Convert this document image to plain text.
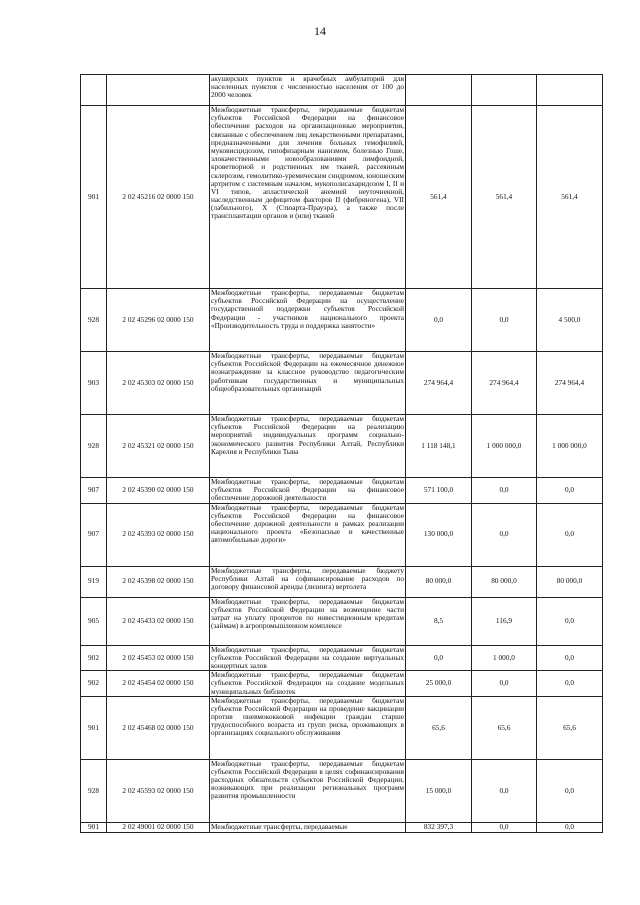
14
		акушерских пунктов и врачебных амбулаторий для населенных пунктов с численностью населения от 100 до 2000 человек			
901	2 02 45216 02 0000 150	Межбюджетные трансферты, передаваемые бюджетам субъектов Российской Федерации на финансовое обеспечение расходов на организационные мероприятия, связанные с обеспечением лиц лекарственными препаратами, предназначенными для лечения больных гемофилией, муковисцидозом, гипофизарным нанизмом, болезнью Гоше, злокачественными новообразованиями лимфоидной, кроветворной и родственных им тканей, рассеянным склерозом, гемолитико-уремическим синдромом, юношеским артритом с системным началом, мукополисахаридозом I, II и VI типов, апластической анемией неуточненной, наследственным дефицитом факторов II (фибриногена), VII (лабильного), X (Стюарта-Прауэра), а также после трансплантации органов и (или) тканей	561,4	561,4	561,4
928	2 02 45296 02 0000 150	Межбюджетные трансферты, передаваемые бюджетам субъектов Российской Федерации на осуществление государственной поддержки субъектов Российской Федерации - участников национального проекта «Производительность труда и поддержка занятости»	0,0	0,0	4 500,0
903	2 02 45303 02 0000 150	Межбюджетные трансферты, передаваемые бюджетам субъектов Российской Федерации на ежемесячное денежное вознаграждение за классное руководство педагогическим работникам государственных и муниципальных общеобразовательных организаций	274 964,4	274 964,4	274 964,4
928	2 02 45321 02 0000 150	Межбюджетные трансферты, передаваемые бюджетам субъектов Российской Федерации на реализацию мероприятий индивидуальных программ социально-экономического развития Республики Алтай, Республики Карелия и Республики Тыва	1 118 148,1	1 000 000,0	1 000 000,0
907	2 02 45390 02 0000 150	Межбюджетные трансферты, передаваемые бюджетам субъектов Российской Федерации на финансовое обеспечение дорожной деятельности	571 100,0	0,0	0,0
907	2 02 45393 02 0000 150	Межбюджетные трансферты, передаваемые бюджетам субъектов Российской Федерации на финансовое обеспечение дорожной деятельности в рамках реализации национального проекта «Безопасные и качественные автомобильные дороги»	130 000,0	0,0	0,0
919	2 02 45398 02 0000 150	Межбюджетные трансферты, передаваемые бюджету Республики Алтай на софинансирование расходов по договору финансовой аренды (лизинга) вертолета	80 000,0	80 000,0	80 000,0
905	2 02 45433 02 0000 150	Межбюджетные трансферты, передаваемые бюджетам субъектов Российской Федерации на возмещение части затрат на уплату процентов по инвестиционным кредитам (займам) в агропромышленном комплексе	8,5	116,9	0,0
902	2 02 45453 02 0000 150	Межбюджетные трансферты, передаваемые бюджетам субъектов Российской Федерации на создание виртуальных концертных залов	0,0	1 000,0	0,0
902	2 02 45454 02 0000 150	Межбюджетные трансферты, передаваемые бюджетам субъектов Российской Федерации на создание модельных муниципальных библиотек	25 000,0	0,0	0,0
901	2 02 45468 02 0000 150	Межбюджетные трансферты, передаваемые бюджетам субъектов Российской Федерации на проведение вакцинации против пневмококковой инфекции граждан старше трудоспособного возраста из групп риска, проживающих в организациях социального обслуживания	65,6	65,6	65,6
928	2 02 45593 02 0000 150	Межбюджетные трансферты, передаваемые бюджетам субъектов Российской Федерации в целях софинансирования расходных обязательств субъектов Российской Федерации, возникающих при реализации региональных программ развития промышленности	15 000,0	0,0	0,0
901	2 02 49001 02 0000 150	Межбюджетные трансферты, передаваемые	832 397,3	0,0	0,0
